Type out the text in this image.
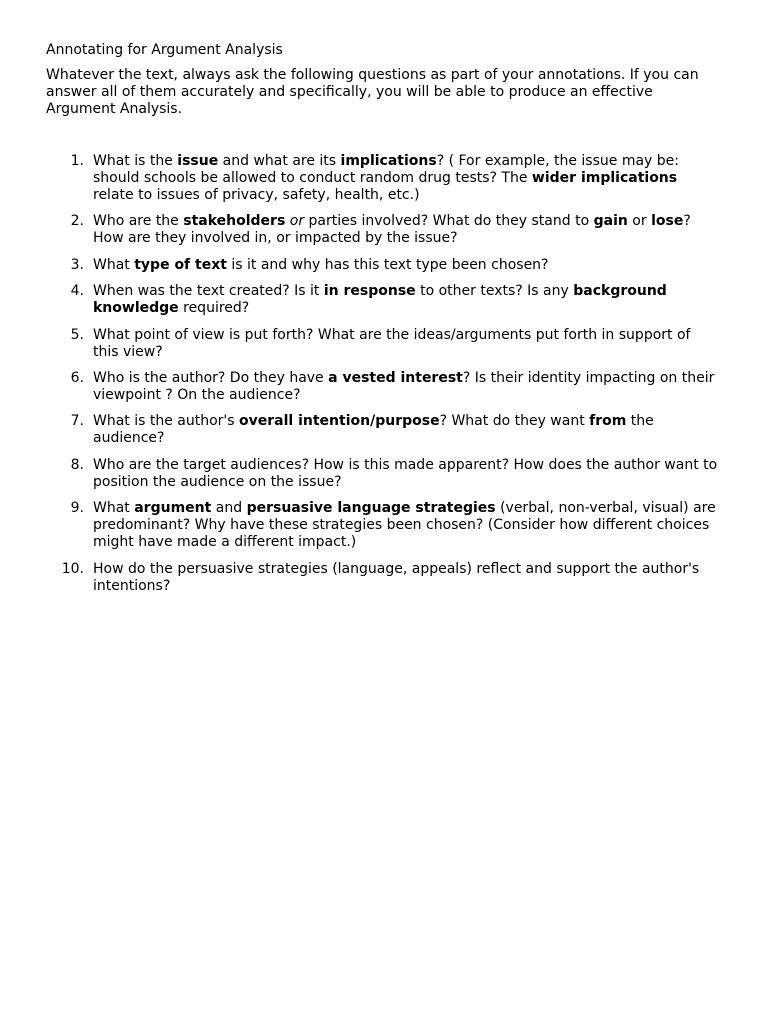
Annotating for Argument Analysis

Whatever the text, always ask the following questions as part of your annotations. If you can answer all of them accurately and specifically, you will be able to produce an effective Argument Analysis.

1. What is the issue and what are its implications? ( For example, the issue may be: should schools be allowed to conduct random drug tests? The wider implications relate to issues of privacy, safety, health, etc.)
2. Who are the stakeholders or parties involved? What do they stand to gain or lose? How are they involved in, or impacted by the issue?
3. What type of text is it and why has this text type been chosen?
4. When was the text created? Is it in response to other texts? Is any background knowledge required?
5. What point of view is put forth? What are the ideas/arguments put forth in support of this view?
6. Who is the author? Do they have a vested interest? Is their identity impacting on their viewpoint ? On the audience?
7. What is the author's overall intention/purpose? What do they want from the audience?
8. Who are the target audiences? How is this made apparent? How does the author want to position the audience on the issue?
9. What argument and persuasive language strategies (verbal, non-verbal, visual) are predominant? Why have these strategies been chosen? (Consider how different choices might have made a different impact.)
10. How do the persuasive strategies (language, appeals) reflect and support the author's intentions?
